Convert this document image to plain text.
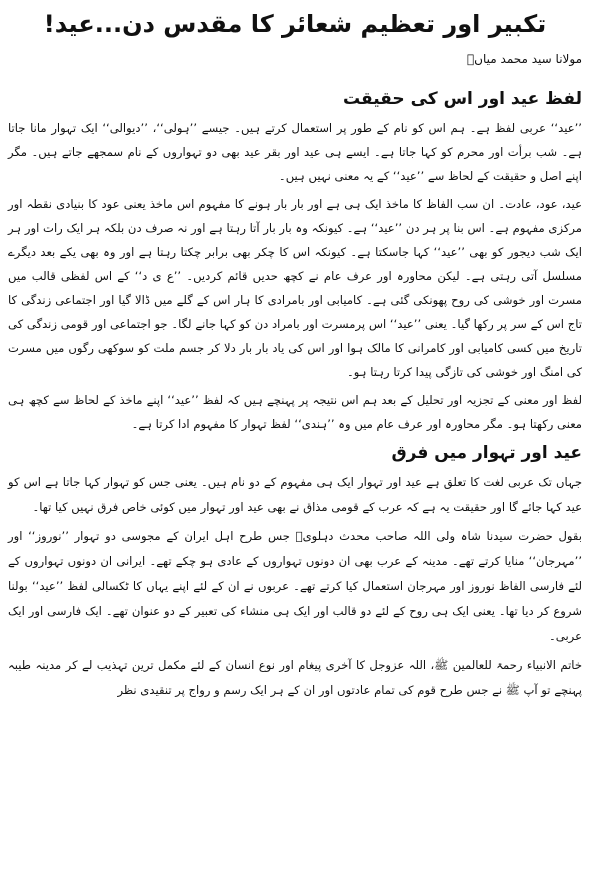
تکبیر اور تعظیم شعائر کا مقدس دن...عید!
مولانا سید محمد میاںؒ
لفظ عید اور اس کی حقیقت

’’عید‘‘ عربی لفظ ہے۔ ہم اس کو نام کے طور پر استعمال کرتے ہیں۔ جیسے ’’ہولی‘‘، ’’دیوالی‘‘ ایک تہوار مانا جاتا ہے۔ شب برأت اور محرم کو کہا جاتا ہے۔ ایسے ہی عید اور بقر عید بھی دو تہواروں کے نام سمجھے جاتے ہیں۔ مگر اپنے اصل و حقیقت کے لحاظ سے ’’عید‘‘ کے یہ معنی نہیں ہیں۔

عید، عود، عادت۔ ان سب الفاظ کا ماخذ ایک ہی ہے اور بار بار ہونے کا مفہوم اس ماخذ یعنی عود کا بنیادی نقطہ اور مرکزی مفہوم ہے۔ اس بنا پر ہر دن ’’عید‘‘ ہے۔ کیونکہ وہ بار بار آتا رہتا ہے اور نہ صرف دن بلکہ ہر ایک رات اور ہر ایک شب دیجور کو بھی ’’عید‘‘ کہا جاسکتا ہے۔ کیونکہ اس کا چکر بھی برابر چکتا رہتا ہے اور وہ بھی یکے بعد دیگرے مسلسل آتی رہتی ہے۔ لیکن محاورہ اور عرف عام نے کچھ حدیں قائم کردیں۔ ’’ع ی د‘‘ کے اس لفظی قالب میں مسرت اور خوشی کی روح پھونکی گئی ہے۔ کامیابی اور بامرادی کا ہار اس کے گلے میں ڈالا گیا اور اجتماعی زندگی کا تاج اس کے سر پر رکھا گیا۔ یعنی ’’عید‘‘ اس پرمسرت اور بامراد دن کو کہا جانے لگا۔ جو اجتماعی اور قومی زندگی کی تاریخ میں کسی کامیابی اور کامرانی کا مالک ہوا اور اس کی یاد بار بار دلا کر جسم ملت کو سوکھی رگوں میں مسرت کی امنگ اور خوشی کی تازگی پیدا کرتا رہتا ہو۔

لفظ اور معنی کے تجزیہ اور تحلیل کے بعد ہم اس نتیجہ پر پہنچے ہیں کہ لفظ ’’عید‘‘ اپنے ماخذ کے لحاظ سے کچھ ہی معنی رکھتا ہو۔ مگر محاورہ اور عرف عام میں وہ ’’ہندی‘‘ لفظ تہوار کا مفہوم ادا کرتا ہے۔

عید اور تہوار میں فرق

جہاں تک عربی لغت کا تعلق ہے عید اور تہوار ایک ہی مفہوم کے دو نام ہیں۔ یعنی جس کو تہوار کہا جاتا ہے اس کو عید کہا جائے گا اور حقیقت یہ ہے کہ عرب کے قومی مذاق نے بھی عید اور تہوار میں کوئی خاص فرق نہیں کیا تھا۔

بقول حضرت سیدنا شاہ ولی اللہ صاحب محدث دہلویؒ جس طرح اہل ایران کے مجوسی دو تہوار ’’نوروز‘‘ اور ’’مہرجان‘‘ منایا کرتے تھے۔ مدینہ کے عرب بھی ان دونوں تہواروں کے عادی ہو چکے تھے۔ ایرانی ان دونوں تہواروں کے لئے فارسی الفاظ نوروز اور مہرجان استعمال کیا کرتے تھے۔ عربوں نے ان کے لئے اپنے یہاں کا ٹکسالی لفظ ’’عید‘‘ بولنا شروع کر دیا تھا۔ یعنی ایک ہی روح کے لئے دو قالب اور ایک ہی منشاء کی تعبیر کے دو عنوان تھے۔ ایک فارسی اور ایک عربی۔

خاتم الانبیاء رحمۃ للعالمین ﷺ، اللہ عزوجل کا آخری پیغام اور نوع انسان کے لئے مکمل ترین تہذیب لے کر مدینہ طیبہ پہنچے تو آپ ﷺ نے جس طرح قوم کی تمام عادتوں اور ان کے ہر ایک رسم و رواج پر تنقیدی نظر
